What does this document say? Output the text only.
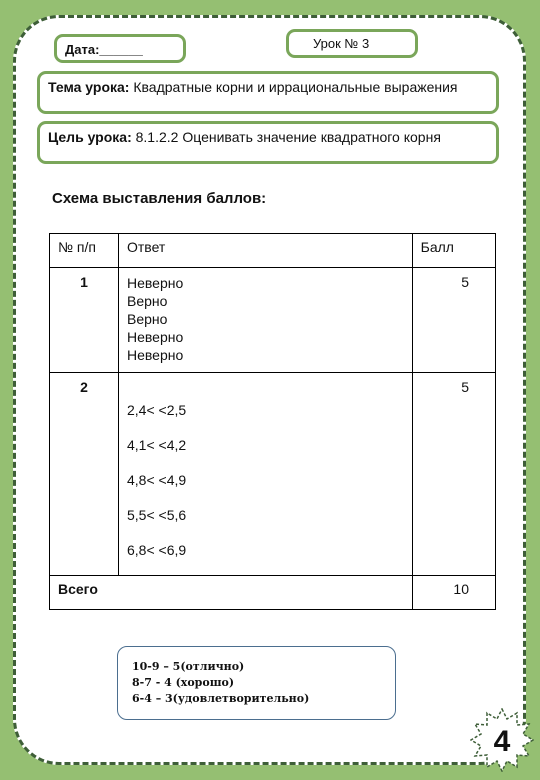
Дата:______	Урок № 3
Тема урока: Квадратные корни и иррациональные выражения
Цель урока: 8.1.2.2 Оценивать значение квадратного корня
Схема выставления баллов:
№ п/п	Ответ	Балл
1	Неверно
Верно
Верно
Неверно
Неверно	5
2	2,4< <2,5
4,1< <4,2
4,8< <4,9
5,5< <5,6
6,8< <6,9	5
Всего		10
10-9 – 5(отлично)
8-7 - 4 (хорошо)
6-4 – 3(удовлетворительно)
4
